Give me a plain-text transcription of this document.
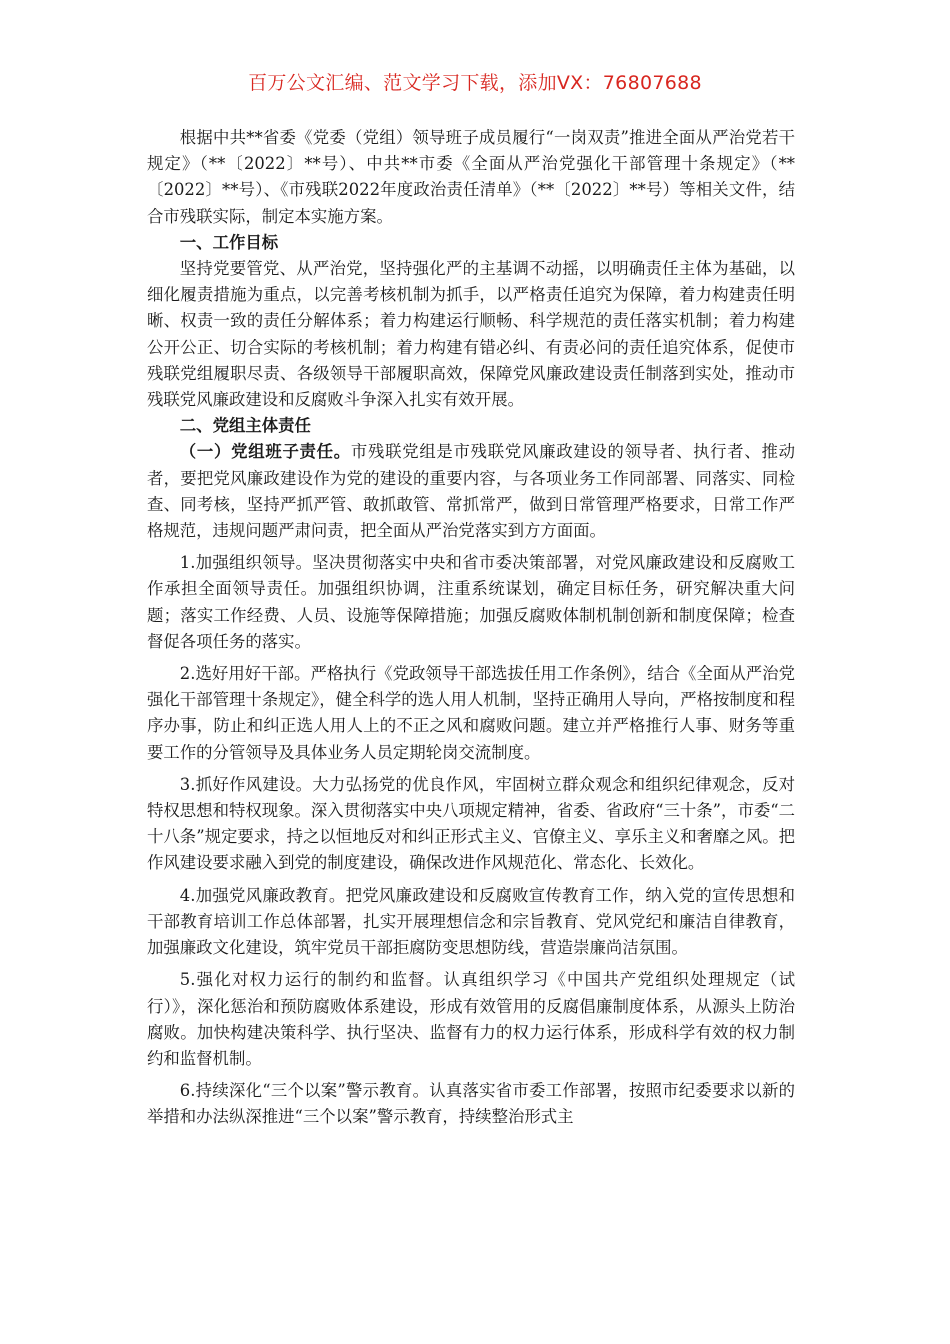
百万公文汇编、范文学习下载，添加VX：76807688

根据中共**省委《党委（党组）领导班子成员履行“一岗双责”推进全面从严治党若干规定》（**〔2022〕**号）、中共**市委《全面从严治党强化干部管理十条规定》（**〔2022〕**号）、《市残联2022年度政治责任清单》（**〔2022〕**号）等相关文件，结合市残联实际，制定本实施方案。

一、工作目标

坚持党要管党、从严治党，坚持强化严的主基调不动摇，以明确责任主体为基础，以细化履责措施为重点，以完善考核机制为抓手，以严格责任追究为保障，着力构建责任明晰、权责一致的责任分解体系；着力构建运行顺畅、科学规范的责任落实机制；着力构建公开公正、切合实际的考核机制；着力构建有错必纠、有责必问的责任追究体系，促使市残联党组履职尽责、各级领导干部履职高效，保障党风廉政建设责任制落到实处，推动市残联党风廉政建设和反腐败斗争深入扎实有效开展。

二、党组主体责任

（一）党组班子责任。市残联党组是市残联党风廉政建设的领导者、执行者、推动者，要把党风廉政建设作为党的建设的重要内容，与各项业务工作同部署、同落实、同检查、同考核，坚持严抓严管、敢抓敢管、常抓常严，做到日常管理严格要求，日常工作严格规范，违规问题严肃问责，把全面从严治党落实到方方面面。

1.加强组织领导。坚决贯彻落实中央和省市委决策部署，对党风廉政建设和反腐败工作承担全面领导责任。加强组织协调，注重系统谋划，确定目标任务，研究解决重大问题；落实工作经费、人员、设施等保障措施；加强反腐败体制机制创新和制度保障；检查督促各项任务的落实。

2.选好用好干部。严格执行《党政领导干部选拔任用工作条例》，结合《全面从严治党强化干部管理十条规定》，健全科学的选人用人机制，坚持正确用人导向，严格按制度和程序办事，防止和纠正选人用人上的不正之风和腐败问题。建立并严格推行人事、财务等重要工作的分管领导及具体业务人员定期轮岗交流制度。

3.抓好作风建设。大力弘扬党的优良作风，牢固树立群众观念和组织纪律观念，反对特权思想和特权现象。深入贯彻落实中央八项规定精神，省委、省政府“三十条”，市委“二十八条”规定要求，持之以恒地反对和纠正形式主义、官僚主义、享乐主义和奢靡之风。把作风建设要求融入到党的制度建设，确保改进作风规范化、常态化、长效化。

4.加强党风廉政教育。把党风廉政建设和反腐败宣传教育工作，纳入党的宣传思想和干部教育培训工作总体部署，扎实开展理想信念和宗旨教育、党风党纪和廉洁自律教育，加强廉政文化建设，筑牢党员干部拒腐防变思想防线，营造崇廉尚洁氛围。

5.强化对权力运行的制约和监督。认真组织学习《中国共产党组织处理规定（试行）》，深化惩治和预防腐败体系建设，形成有效管用的反腐倡廉制度体系，从源头上防治腐败。加快构建决策科学、执行坚决、监督有力的权力运行体系，形成科学有效的权力制约和监督机制。

6.持续深化“三个以案”警示教育。认真落实省市委工作部署，按照市纪委要求以新的举措和办法纵深推进“三个以案”警示教育，持续整治形式主
